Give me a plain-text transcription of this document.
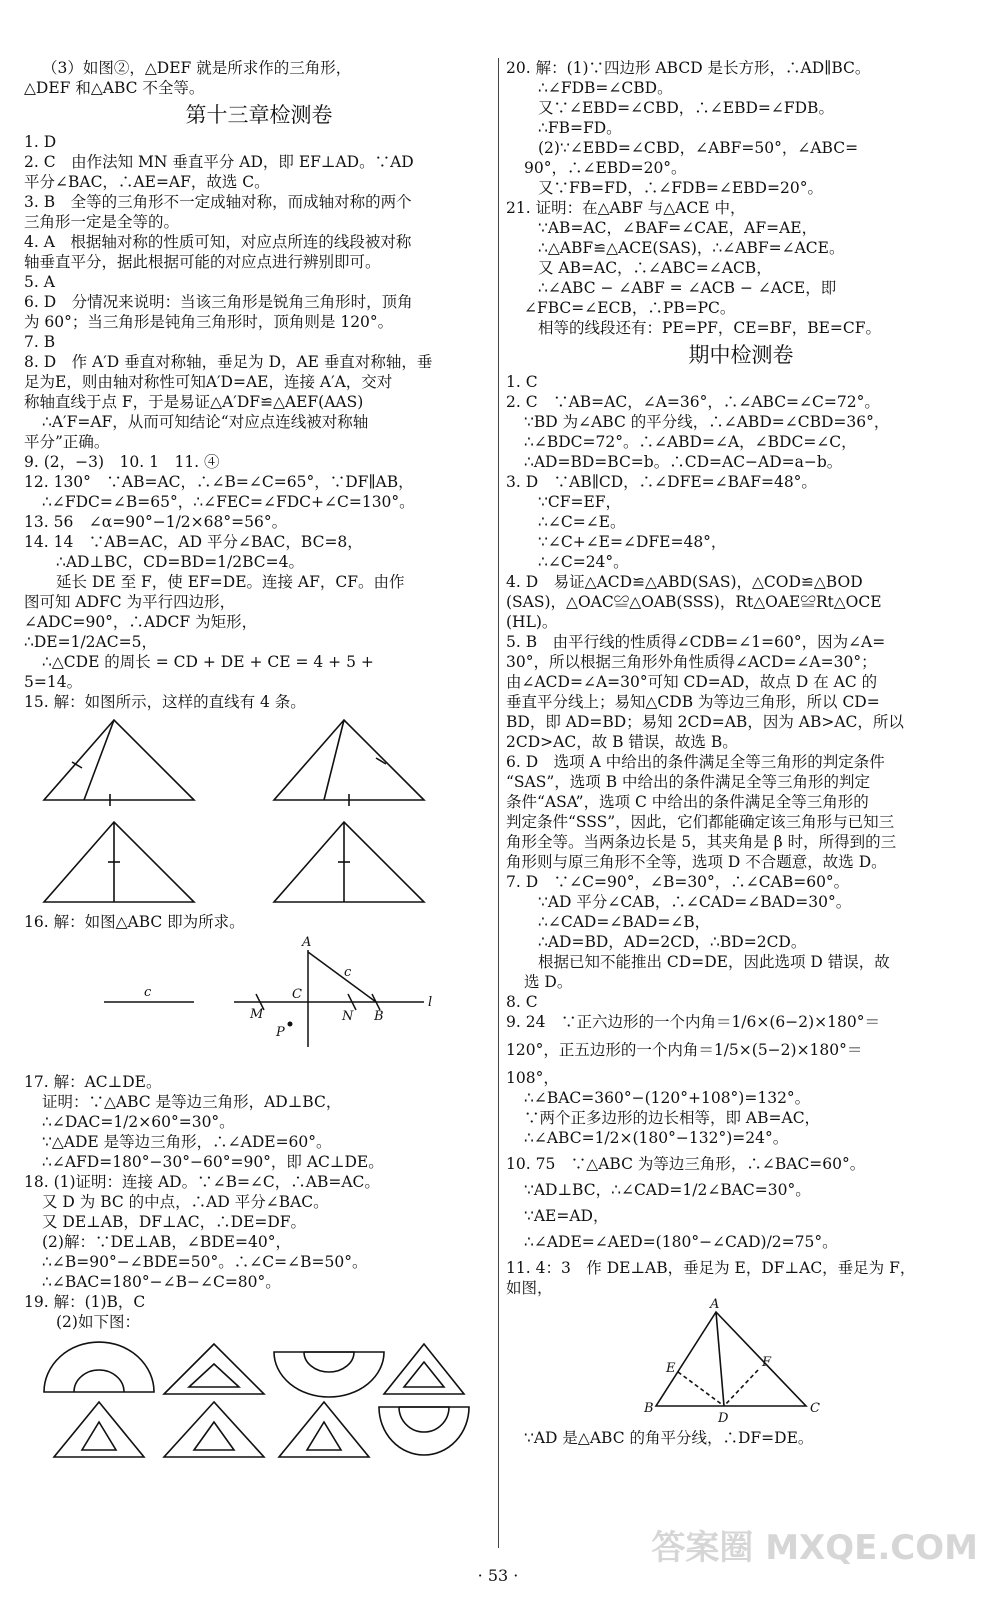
（3）如图②，△DEF 就是所求作的三角形，
△DEF 和△ABC 不全等。
第十三章检测卷
1. D
2. C　由作法知 MN 垂直平分 AD，即 EF⊥AD。∵AD
平分∠BAC，∴AE=AF，故选 C。
3. B　全等的三角形不一定成轴对称，而成轴对称的两个
三角形一定是全等的。
4. A　根据轴对称的性质可知，对应点所连的线段被对称
轴垂直平分，据此根据可能的对应点进行辨别即可。
5. A
6. D　分情况来说明：当该三角形是锐角三角形时，顶角
为 60°；当三角形是钝角三角形时，顶角则是 120°。
7. B
8. D　作 A′D 垂直对称轴，垂足为 D，AE 垂直对称轴，垂
足为E，则由轴对称性可知A′D=AE，连接 A′A，交对
称轴直线于点 F，于是易证△A′DF≌△AEF(AAS)
∴A′F=AF，从而可知结论“对应点连线被对称轴
平分”正确。
9. (2，−3)　10. 1　11. ④
12. 130°　∵AB=AC，∴∠B=∠C=65°，∵DF∥AB，
∴∠FDC=∠B=65°，∴∠FEC=∠FDC+∠C=130°。
13. 56　∠α=90°−1/2×68°=56°。
14. 14　∵AB=AC，AD 平分∠BAC，BC=8，
∴AD⊥BC，CD=BD=1/2BC=4。
延长 DE 至 F，使 EF=DE。连接 AF，CF。由作
图可知 ADFC 为平行四边形，
∠ADC=90°，∴ADCF 为矩形，
∴DE=1/2AC=5，
∴△CDE 的周长 = CD + DE + CE = 4 + 5 +
5=14。
15. 解：如图所示，这样的直线有 4 条。
16. 解：如图△ABC 即为所求。
c
A
c
C
M	N B
l
P
17. 解：AC⊥DE。
证明：∵△ABC 是等边三角形，AD⊥BC，
∴∠DAC=1/2×60°=30°。
∵△ADE 是等边三角形，∴∠ADE=60°。
∴∠AFD=180°−30°−60°=90°，即 AC⊥DE。
18. (1)证明：连接 AD。∵∠B=∠C，∴AB=AC。
又 D 为 BC 的中点，∴AD 平分∠BAC。
又 DE⊥AB，DF⊥AC，∴DE=DF。
(2)解：∵DE⊥AB，∠BDE=40°，
∴∠B=90°−∠BDE=50°。∴∠C=∠B=50°。
∴∠BAC=180°−∠B−∠C=80°。
19. 解：(1)B，C
(2)如下图：
20. 解：(1)∵四边形 ABCD 是长方形，∴AD∥BC。
∴∠FDB=∠CBD。
又∵∠EBD=∠CBD，∴∠EBD=∠FDB。
∴FB=FD。
(2)∵∠EBD=∠CBD，∠ABF=50°，∠ABC=
90°，∴∠EBD=20°。
又∵FB=FD，∴∠FDB=∠EBD=20°。
21. 证明：在△ABF 与△ACE 中，
∵AB=AC，∠BAF=∠CAE，AF=AE，
∴△ABF≌△ACE(SAS)，∴∠ABF=∠ACE。
又 AB=AC，∴∠ABC=∠ACB，
∴∠ABC − ∠ABF = ∠ACB − ∠ACE，即
∠FBC=∠ECB，∴PB=PC。
相等的线段还有：PE=PF，CE=BF，BE=CF。
期中检测卷
1. C
2. C　∵AB=AC，∠A=36°，∴∠ABC=∠C=72°。
∵BD 为∠ABC 的平分线，∴∠ABD=∠CBD=36°，
∴∠BDC=72°。∴∠ABD=∠A，∠BDC=∠C，
∴AD=BD=BC=b。∴CD=AC−AD=a−b。
3. D　∵AB∥CD，∴∠DFE=∠BAF=48°。
∵CF=EF，
∴∠C=∠E。
∵∠C+∠E=∠DFE=48°，
∴∠C=24°。
4. D　易证△ACD≌△ABD(SAS)，△COD≌△BOD
(SAS)，△OAC≌△OAB(SSS)，Rt△OAE≌Rt△OCE
(HL)。
5. B　由平行线的性质得∠CDB=∠1=60°，因为∠A=
30°，所以根据三角形外角性质得∠ACD=∠A=30°；
由∠ACD=∠A=30°可知 CD=AD，故点 D 在 AC 的
垂直平分线上；易知△CDB 为等边三角形，所以 CD=
BD，即 AD=BD；易知 2CD=AB，因为 AB>AC，所以
2CD>AC，故 B 错误，故选 B。
6. D　选项 A 中给出的条件满足全等三角形的判定条件
“SAS”，选项 B 中给出的条件满足全等三角形的判定
条件“ASA”，选项 C 中给出的条件满足全等三角形的
判定条件“SSS”，因此，它们都能确定该三角形与已知三
角形全等。当两条边长是 5，其夹角是 β 时，所得到的三
角形则与原三角形不全等，选项 D 不合题意，故选 D。
7. D　∵∠C=90°，∠B=30°，∴∠CAB=60°。
∵AD 平分∠CAB，∴∠CAD=∠BAD=30°。
∴∠CAD=∠BAD=∠B，
∴AD=BD，AD=2CD，∴BD=2CD。
根据已知不能推出 CD=DE，因此选项 D 错误，故
选 D。
8. C
9. 24　∵正六边形的一个内角＝1/6×(6−2)×180°＝
120°，正五边形的一个内角＝1/5×(5−2)×180°＝
108°，
∴∠BAC=360°−(120°+108°)=132°。
∵两个正多边形的边长相等，即 AB=AC，
∴∠ABC=1/2×(180°−132°)=24°。
10. 75　∵△ABC 为等边三角形，∴∠BAC=60°。
∵AD⊥BC，∴∠CAD=1/2∠BAC=30°。
∵AE=AD，
∴∠ADE=∠AED=(180°−∠CAD)/2=75°。
11. 4：3　作 DE⊥AB，垂足为 E，DF⊥AC，垂足为 F，
如图，
A
E	F
B
D
C
∵AD 是△ABC 的角平分线，∴DF=DE。
答案圈 MXQE.COM
· 53 ·
